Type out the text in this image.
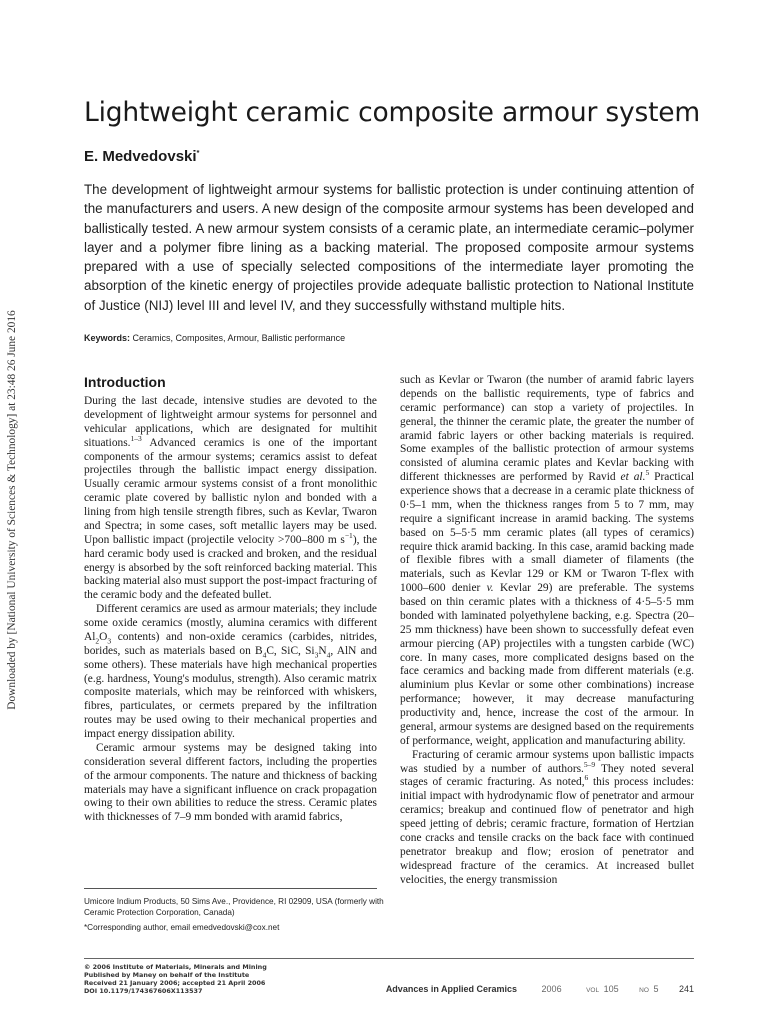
Downloaded by [National University of Sciences & Technology] at 23:48 26 June 2016
Lightweight ceramic composite armour system

E. Medvedovski*

The development of lightweight armour systems for ballistic protection is under continuing attention of the manufacturers and users. A new design of the composite armour systems has been developed and ballistically tested. A new armour system consists of a ceramic plate, an intermediate ceramic–polymer layer and a polymer fibre lining as a backing material. The proposed composite armour systems prepared with a use of specially selected compositions of the intermediate layer promoting the absorption of the kinetic energy of projectiles provide adequate ballistic protection to National Institute of Justice (NIJ) level III and level IV, and they successfully withstand multiple hits.

Keywords: Ceramics, Composites, Armour, Ballistic performance

Introduction

During the last decade, intensive studies are devoted to the development of lightweight armour systems for personnel and vehicular applications, which are designated for multihit situations.$^{1-3}$ Advanced ceramics is one of the important components of the armour systems; ceramics assist to defeat projectiles through the ballistic impact energy dissipation. Usually ceramic armour systems consist of a front monolithic ceramic plate covered by ballistic nylon and bonded with a lining from high tensile strength fibres, such as Kevlar, Twaron and Spectra; in some cases, soft metallic layers may be used. Upon ballistic impact (projectile velocity >700–800 m $s^{-1}$), the hard ceramic body used is cracked and broken, and the residual energy is absorbed by the soft reinforced backing material. This backing material also must support the post-impact fracturing of the ceramic body and the defeated bullet.

Different ceramics are used as armour materials; they include some oxide ceramics (mostly, alumina ceramics with different $Al_2O_3$ contents) and non-oxide ceramics (carbides, nitrides, borides, such as materials based on $B_4C$, SiC, $Si_3N_4$, AlN and some others). These materials have high mechanical properties (e.g. hardness, Young's modulus, strength). Also ceramic matrix composite materials, which may be reinforced with whiskers, fibres, particulates, or cermets prepared by the infiltration routes may be used owing to their mechanical properties and impact energy dissipation ability.

Ceramic armour systems may be designed taking into consideration several different factors, including the properties of the armour components. The nature and thickness of backing materials may have a significant influence on crack propagation owing to their own abilities to reduce the stress. Ceramic plates with thicknesses of 7–9 mm bonded with aramid fabrics,

such as Kevlar or Twaron (the number of aramid fabric layers depends on the ballistic requirements, type of fabrics and ceramic performance) can stop a variety of projectiles. In general, the thinner the ceramic plate, the greater the number of aramid fabric layers or other backing materials is required. Some examples of the ballistic protection of armour systems consisted of alumina ceramic plates and Kevlar backing with different thicknesses are performed by Ravid et al.$^5$ Practical experience shows that a decrease in a ceramic plate thickness of 0·5–1 mm, when the thickness ranges from 5 to 7 mm, may require a significant increase in aramid backing. The systems based on 5–5·5 mm ceramic plates (all types of ceramics) require thick aramid backing. In this case, aramid backing made of flexible fibres with a small diameter of filaments (the materials, such as Kevlar 129 or KM or Twaron T-flex with 1000–600 denier v. Kevlar 29) are preferable. The systems based on thin ceramic plates with a thickness of 4·5–5·5 mm bonded with laminated polyethylene backing, e.g. Spectra (20–25 mm thickness) have been shown to successfully defeat even armour piercing (AP) projectiles with a tungsten carbide (WC) core. In many cases, more complicated designs based on the face ceramics and backing made from different materials (e.g. aluminium plus Kevlar or some other combinations) increase performance; however, it may decrease manufacturing productivity and, hence, increase the cost of the armour. In general, armour systems are designed based on the requirements of performance, weight, application and manufacturing ability.

Fracturing of ceramic armour systems upon ballistic impacts was studied by a number of authors.$^{5-9}$ They noted several stages of ceramic fracturing. As noted,$^6$ this process includes: initial impact with hydrodynamic flow of penetrator and armour ceramics; breakup and continued flow of penetrator and high speed jetting of debris; ceramic fracture, formation of Hertzian cone cracks and tensile cracks on the back face with continued penetrator breakup and flow; erosion of penetrator and widespread fracture of the ceramics. At increased bullet velocities, the energy transmission

Umicore Indium Products, 50 Sims Ave., Providence, RI 02909, USA (formerly with Ceramic Protection Corporation, Canada)

*Corresponding author, email emedvedovski@cox.net

© 2006 Institute of Materials, Minerals and Mining
Published by Maney on behalf of the Institute
Received 21 January 2006; accepted 21 April 2006
DOI 10.1179/174367606X113537	Advances in Applied Ceramics	2006	VOL 105	NO 5 241
